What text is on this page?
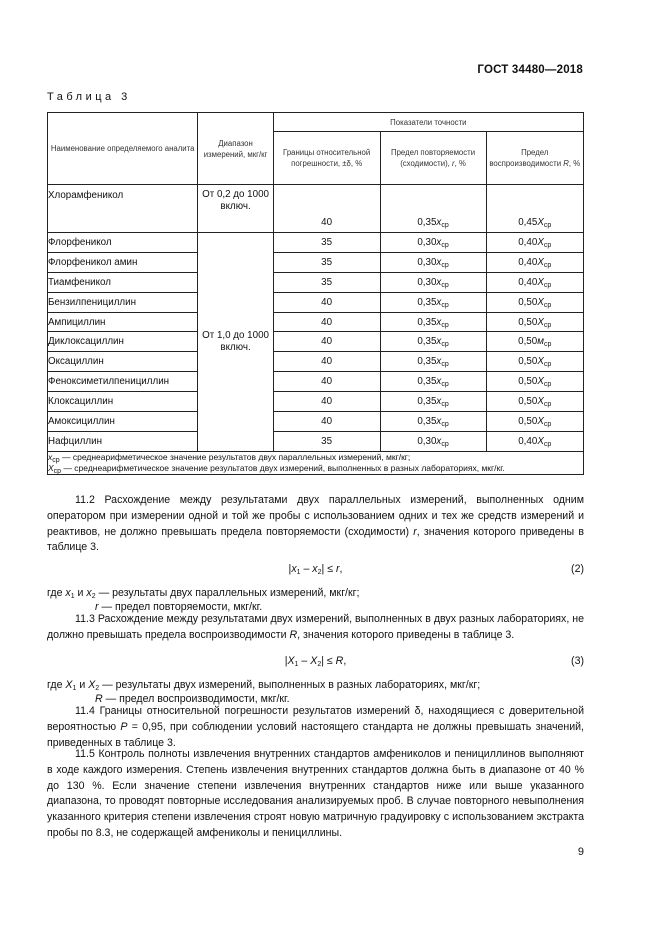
ГОСТ 34480—2018
Таблица 3
Наименование определяемого аналита	Диапазон измерений, мкг/кг	Показатели точности		
		Границы относительной погрешности, ±δ, %	Предел повторяемости (сходимости), r, %	Предел воспроизводимости R, %
Хлорамфеникол	От 0,2 до 1000 включ.	40	$0,35x_{ср}$	$0,45X_{ср}$
Флорфеникол	От 1,0 до 1000 включ.	35	$0,30x_{ср}$	$0,40X_{ср}$
Флорфеникол амин		35	$0,30x_{ср}$	$0,40X_{ср}$
Тиамфеникол		35	$0,30x_{ср}$	$0,40X_{ср}$
Бензилпенициллин		40	$0,35x_{ср}$	$0,50X_{ср}$
Ампициллин		40	$0,35x_{ср}$	$0,50X_{ср}$
Диклоксациллин		40	$0,35x_{ср}$	$0,50м_{ср}$
Оксациллин		40	$0,35x_{ср}$	$0,50X_{ср}$
Феноксиметилпенициллин		40	$0,35x_{ср}$	$0,50X_{ср}$
Клоксациллин		40	$0,35x_{ср}$	$0,50X_{ср}$
Амоксициллин		40	$0,35x_{ср}$	$0,50X_{ср}$
Нафциллин		35	$0,30x_{ср}$	$0,40X_{ср}$

$x_{ср}$ — среднеарифметическое значение результатов двух параллельных измерений, мкг/кг;
$X_{ср}$ — среднеарифметическое значение результатов двух измерений, выполненных в разных лабораториях, мкг/кг.				

11.2 Расхождение между результатами двух параллельных измерений, выполненных одним оператором при измерении одной и той же пробы с использованием одних и тех же средств измерений и реактивов, не должно превышать предела повторяемости (сходимости) r, значения которого приведены в таблице 3.

$|x_1 - x_2| \le r$,	(2)
где $x_1$ и $x_2$ — результаты двух параллельных измерений, мкг/кг;
r — предел повторяемости, мкг/кг.

11.3 Расхождение между результатами двух измерений, выполненных в двух разных лабораториях, не должно превышать предела воспроизводимости R, значения которого приведены в таблице 3.

$|X_1 - X_2| \le R$,	(3)
где $X_1$ и $X_2$ — результаты двух измерений, выполненных в разных лабораториях, мкг/кг;
R — предел воспроизводимости, мкг/кг.

11.4 Границы относительной погрешности результатов измерений δ, находящиеся с доверительной вероятностью P = 0,95, при соблюдении условий настоящего стандарта не должны превышать значений, приведенных в таблице 3.

11.5 Контроль полноты извлечения внутренних стандартов амфениколов и пенициллинов выполняют в ходе каждого измерения. Степень извлечения внутренних стандартов должна быть в диапазоне от 40 % до 130 %. Если значение степени извлечения внутренних стандартов ниже или выше указанного диапазона, то проводят повторные исследования анализируемых проб. В случае повторного невыполнения указанного критерия степени извлечения строят новую матричную градуировку с использованием экстракта пробы по 8.3, не содержащей амфениколы и пенициллины.

9
